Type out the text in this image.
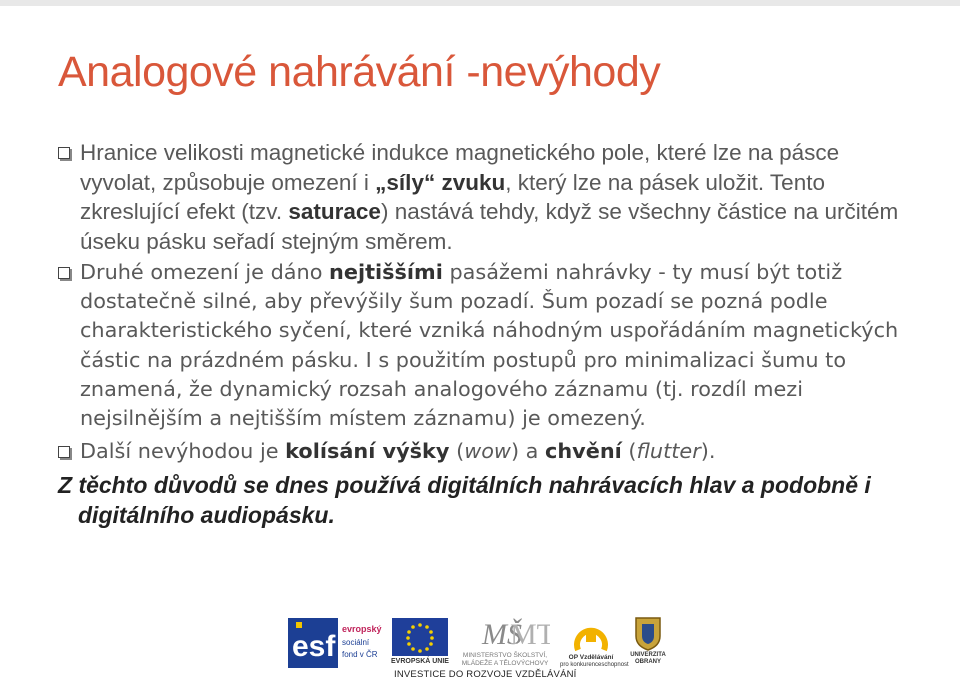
Analogové nahrávání -nevýhody
Hranice velikosti magnetické indukce magnetického pole, které lze na pásce vyvolat, způsobuje omezení i „síly“ zvuku, který lze na pásek uložit. Tento zkreslující efekt (tzv. saturace) nastává tehdy, když se všechny částice na určitém úseku pásku seřadí stejným směrem.
Druhé omezení je dáno nejtiššími pasážemi nahrávky - ty musí být totiž dostatečně silné, aby převýšily šum pozadí. Šum pozadí se pozná podle charakteristického syčení, které vzniká náhodným uspořádáním magnetických částic na prázdném pásku. I s použitím postupů pro minimalizaci šumu to znamená, že dynamický rozsah analogového záznamu (tj. rozdíl mezi nejsilnějším a nejtišším místem záznamu) je omezený.
Další nevýhodou je kolísání výšky (wow) a chvění (flutter).
Z těchto důvodů se dnes používá digitálních nahrávacích hlav a podobně i digitálního audiopásku.
esf
evropský
sociální
fond v ČR
EVROPSKÁ UNIE
MŠ
MT
MINISTERSTVO ŠKOLSTVÍ,
MLÁDEŽE A TĚLOVÝCHOVY
OP Vzdělávání
pro konkurenceschopnost
UNIVERZITA
OBRANY
INVESTICE DO ROZVOJE VZDĚLÁVÁNÍ
